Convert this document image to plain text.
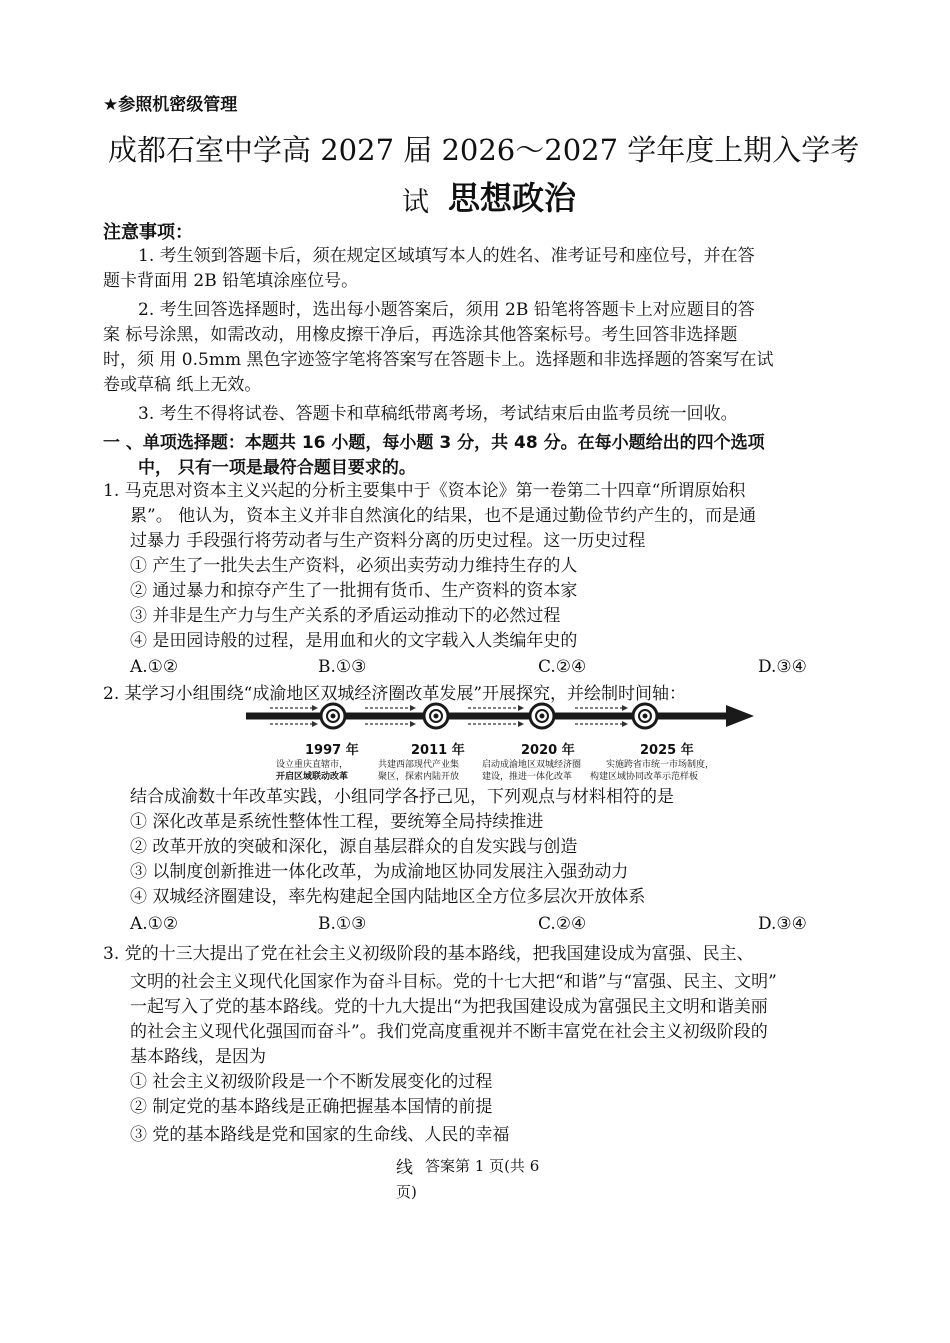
★参照机密级管理
成都石室中学高 2027 届 2026～2027 学年度上期入学考
试 思想政治
注意事项：
1. 考生领到答题卡后，须在规定区域填写本人的姓名、准考证号和座位号，并在答
题卡背面用 2B 铅笔填涂座位号。
2. 考生回答选择题时，选出每小题答案后，须用 2B 铅笔将答题卡上对应题目的答
案 标号涂黑，如需改动，用橡皮擦干净后，再选涂其他答案标号。考生回答非选择题
时，须 用 0.5mm 黑色字迹签字笔将答案写在答题卡上。选择题和非选择题的答案写在试
卷或草稿 纸上无效。
3. 考生不得将试卷、答题卡和草稿纸带离考场，考试结束后由监考员统一回收。
一 、单项选择题：本题共 16 小题，每小题 3 分，共 48 分。在每小题给出的四个选项
中， 只有一项是最符合题目要求的。
1. 马克思对资本主义兴起的分析主要集中于《资本论》第一卷第二十四章“所谓原始积
累”。 他认为，资本主义并非自然演化的结果，也不是通过勤俭节约产生的，而是通
过暴力 手段强行将劳动者与生产资料分离的历史过程。这一历史过程
① 产生了一批失去生产资料，必须出卖劳动力维持生存的人
② 通过暴力和掠夺产生了一批拥有货币、生产资料的资本家
③ 并非是生产力与生产关系的矛盾运动推动下的必然过程
④ 是田园诗般的过程，是用血和火的文字载入人类编年史的
A.①②	B.①③	C.②④	D.③④
2. 某学习小组围绕“成渝地区双城经济圈改革发展”开展探究，并绘制时间轴：
1997 年	2011 年	2020 年	2025 年
设立重庆直辖市，
开启区域联动改革
共建西部现代产业集
聚区，探索内陆开放
启动成渝地区双城经济圈
建设，推进一体化改革
实施跨省市统一市场制度，
构建区域协同改革示范样板
结合成渝数十年改革实践，小组同学各抒己见，下列观点与材料相符的是
① 深化改革是系统性整体性工程，要统筹全局持续推进
② 改革开放的突破和深化，源自基层群众的自发实践与创造
③ 以制度创新推进一体化改革，为成渝地区协同发展注入强劲动力
④ 双城经济圈建设，率先构建起全国内陆地区全方位多层次开放体系
A.①②	B.①③	C.②④	D.③④
3. 党的十三大提出了党在社会主义初级阶段的基本路线，把我国建设成为富强、民主、
文明的社会主义现代化国家作为奋斗目标。党的十七大把“和谐”与“富强、民主、文明”
一起写入了党的基本路线。党的十九大提出“为把我国建设成为富强民主文明和谐美丽
的社会主义现代化强国而奋斗”。我们党高度重视并不断丰富党在社会主义初级阶段的
基本路线，是因为
① 社会主义初级阶段是一个不断发展变化的过程
② 制定党的基本路线是正确把握基本国情的前提
③ 党的基本路线是党和国家的生命线、人民的幸福
线 答案第 1 页(共 6
页)
